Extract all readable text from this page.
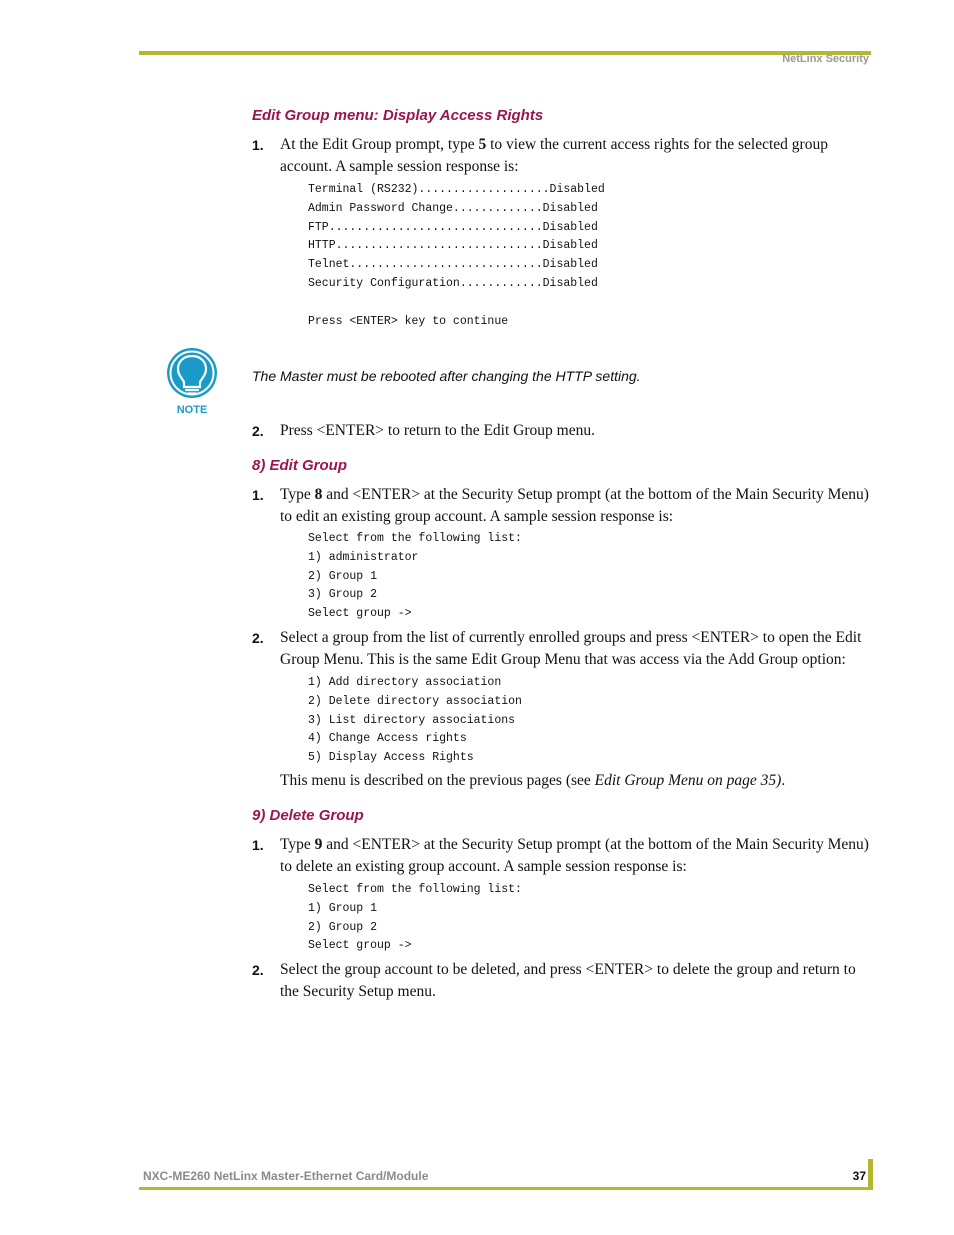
NetLinx Security
Edit Group menu: Display Access Rights
1. At the Edit Group prompt, type 5 to view the current access rights for the selected group account. A sample session response is:
Terminal (RS232)...................Disabled
Admin Password Change.............Disabled
FTP...............................Disabled
HTTP..............................Disabled
Telnet............................Disabled
Security Configuration............Disabled

Press <ENTER> key to continue
NOTE
The Master must be rebooted after changing the HTTP setting.
2. Press <ENTER> to return to the Edit Group menu.
8) Edit Group
1. Type 8 and <ENTER> at the Security Setup prompt (at the bottom of the Main Security Menu) to edit an existing group account. A sample session response is:
Select from the following list:
1) administrator
2) Group 1
3) Group 2
Select group ->
2. Select a group from the list of currently enrolled groups and press <ENTER> to open the Edit Group Menu. This is the same Edit Group Menu that was access via the Add Group option:
1) Add directory association
2) Delete directory association
3) List directory associations
4) Change Access rights
5) Display Access Rights
This menu is described on the previous pages (see Edit Group Menu on page 35).
9) Delete Group
1. Type 9 and <ENTER> at the Security Setup prompt (at the bottom of the Main Security Menu) to delete an existing group account. A sample session response is:
Select from the following list:
1) Group 1
2) Group 2
Select group ->
2. Select the group account to be deleted, and press <ENTER> to delete the group and return to the Security Setup menu.
NXC-ME260 NetLinx Master-Ethernet Card/Module	37
